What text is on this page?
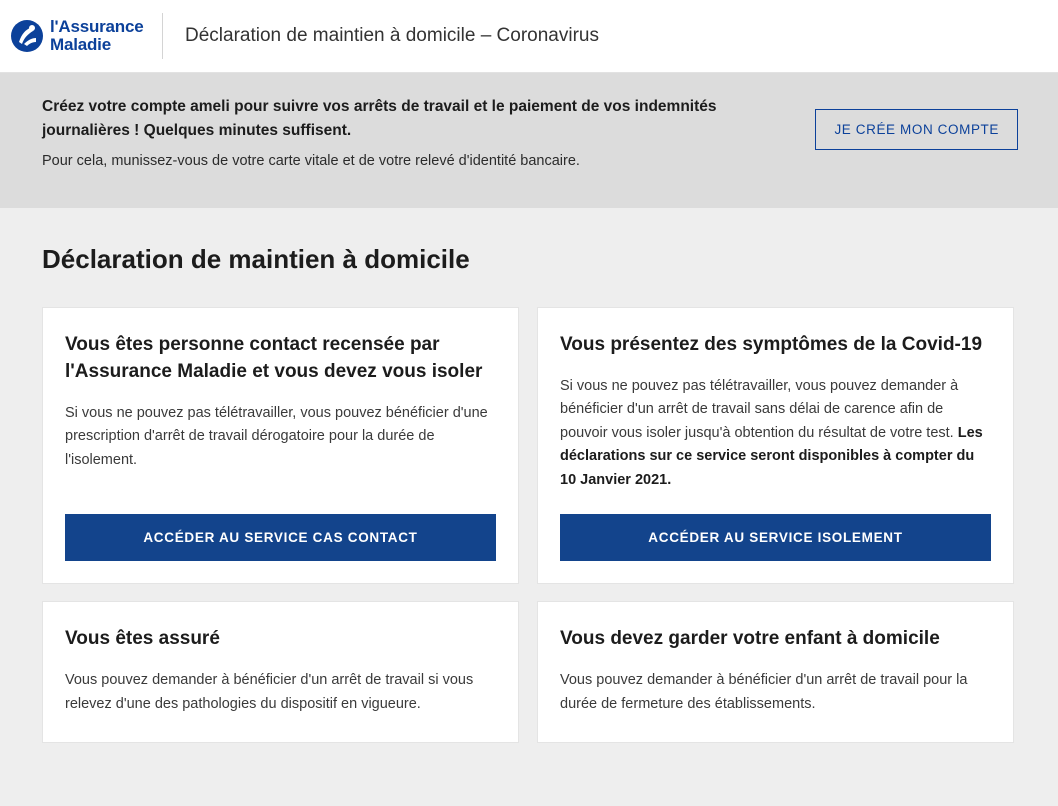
l'Assurance
Maladie	Déclaration de maintien à domicile – Coronavirus

Créez votre compte ameli pour suivre vos arrêts de travail et le paiement de vos indemnités journalières ! Quelques minutes suffisent.

Pour cela, munissez-vous de votre carte vitale et de votre relevé d'identité bancaire.

JE CRÉE MON COMPTE
Déclaration de maintien à domicile
Vous êtes personne contact recensée par l'Assurance Maladie et vous devez vous isoler

Si vous ne pouvez pas télétravailler, vous pouvez bénéficier d'une prescription d'arrêt de travail dérogatoire pour la durée de l'isolement.

ACCÉDER AU SERVICE CAS CONTACT
Vous présentez des symptômes de la Covid-19

Si vous ne pouvez pas télétravailler, vous pouvez demander à bénéficier d'un arrêt de travail sans délai de carence afin de pouvoir vous isoler jusqu'à obtention du résultat de votre test. Les déclarations sur ce service seront disponibles à compter du 10 Janvier 2021.

ACCÉDER AU SERVICE ISOLEMENT
Vous êtes assuré

Vous pouvez demander à bénéficier d'un arrêt de travail si vous relevez d'une des pathologies du dispositif en vigueure.

Vous devez garder votre enfant à domicile

Vous pouvez demander à bénéficier d'un arrêt de travail pour la durée de fermeture des établissements.
